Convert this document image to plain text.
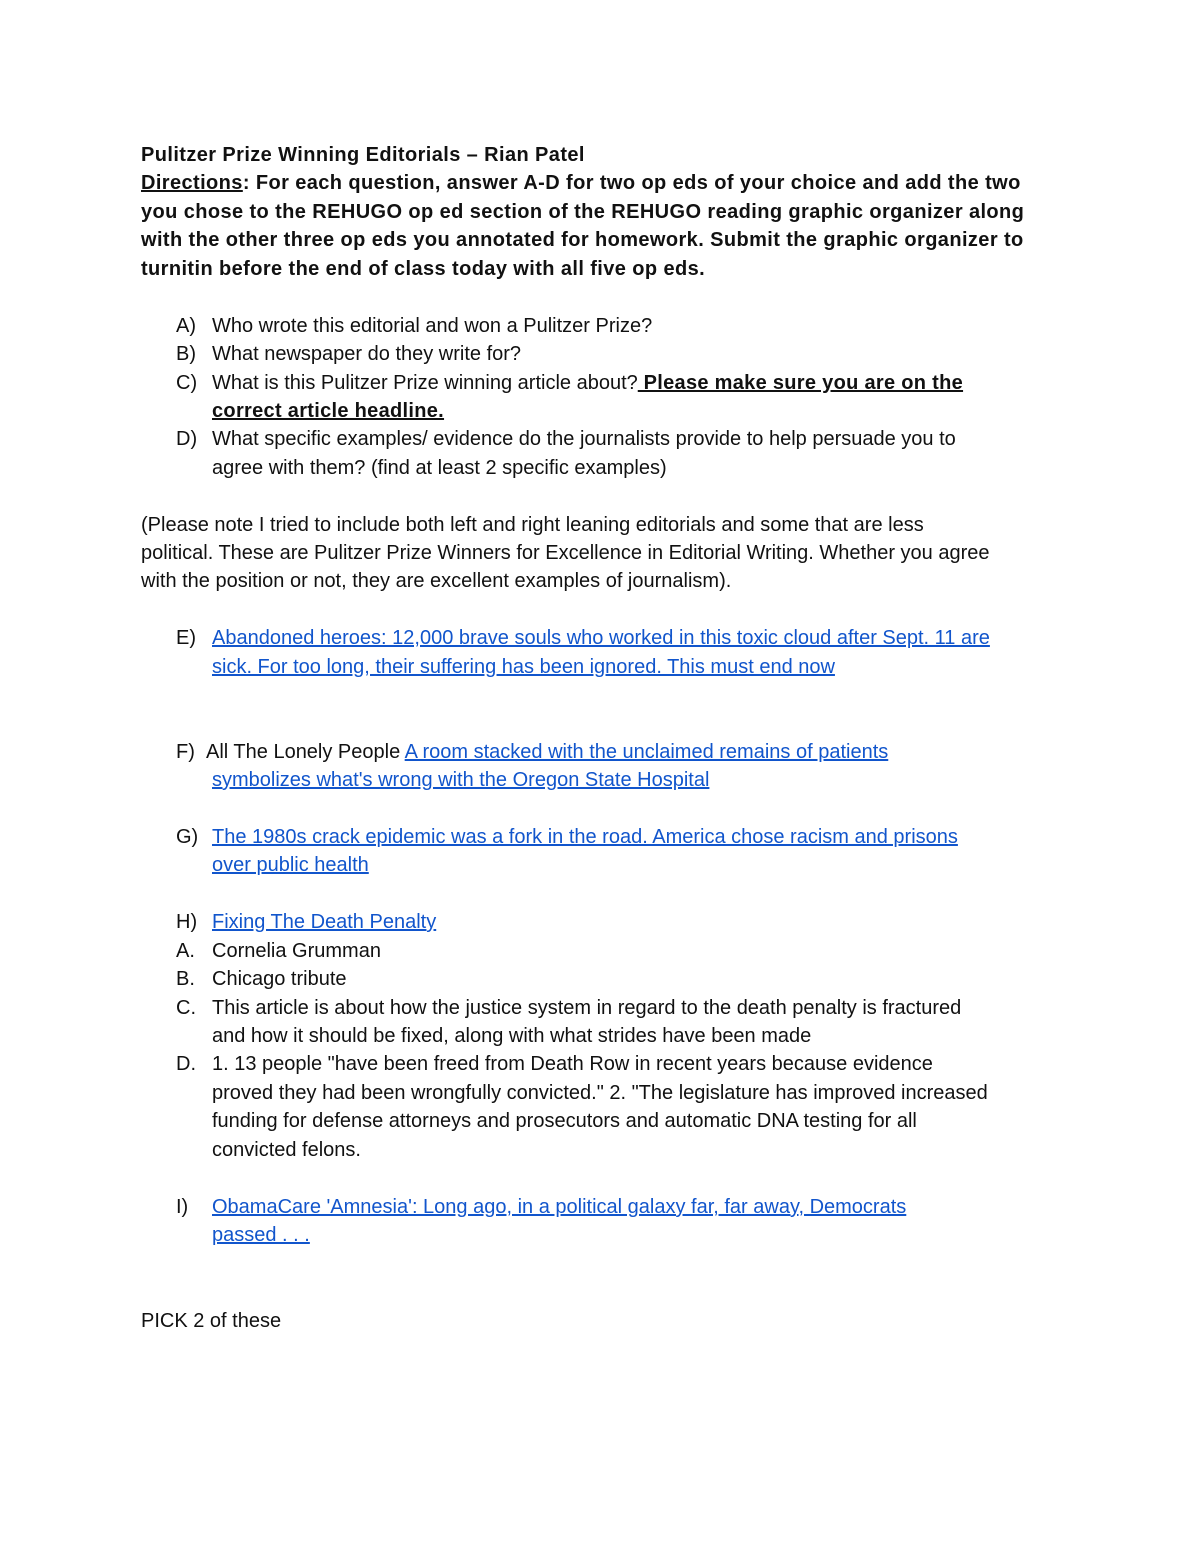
Pulitzer Prize Winning Editorials – Rian Patel
Directions: For each question, answer A-D for two op eds of your choice and add the two
you chose to the REHUGO op ed section of the REHUGO reading graphic organizer along
with the other three op eds you annotated for homework. Submit the graphic organizer to
turnitin before the end of class today with all five op eds.
A) Who wrote this editorial and won a Pulitzer Prize?
B) What newspaper do they write for?
C) What is this Pulitzer Prize winning article about? Please make sure you are on the
correct article headline.
D) What specific examples/ evidence do the journalists provide to help persuade you to
agree with them? (find at least 2 specific examples)
(Please note I tried to include both left and right leaning editorials and some that are less
political. These are Pulitzer Prize Winners for Excellence in Editorial Writing. Whether you agree
with the position or not, they are excellent examples of journalism).
E) Abandoned heroes: 12,000 brave souls who worked in this toxic cloud after Sept. 11 are
sick. For too long, their suffering has been ignored. This must end now
F) All The Lonely People A room stacked with the unclaimed remains of patients
symbolizes what's wrong with the Oregon State Hospital
G) The 1980s crack epidemic was a fork in the road. America chose racism and prisons
over public health
H) Fixing The Death Penalty
A. Cornelia Grumman
B. Chicago tribute
C. This article is about how the justice system in regard to the death penalty is fractured
and how it should be fixed, along with what strides have been made
D. 1. 13 people "have been freed from Death Row in recent years because evidence
proved they had been wrongfully convicted." 2. "The legislature has improved increased
funding for defense attorneys and prosecutors and automatic DNA testing for all
convicted felons.
I) ObamaCare 'Amnesia': Long ago, in a political galaxy far, far away, Democrats
passed . . .
PICK 2 of these
